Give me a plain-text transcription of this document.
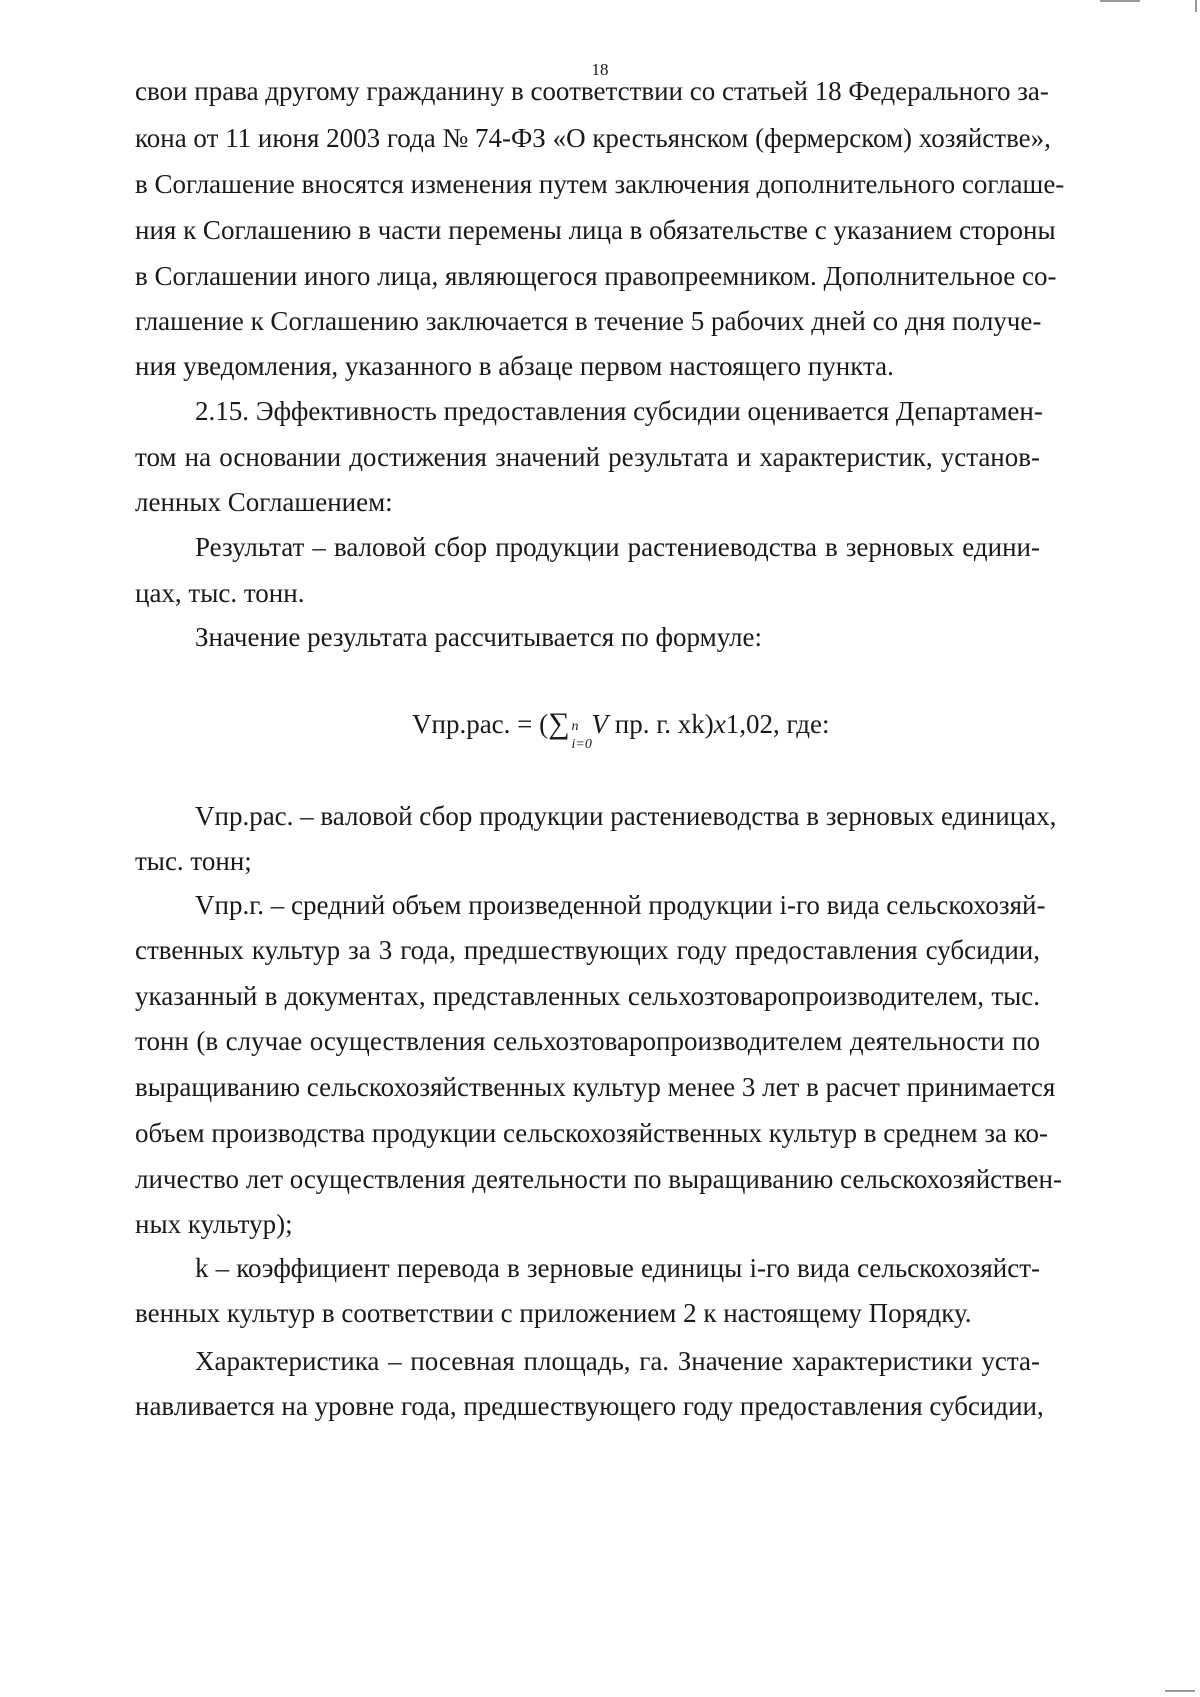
18
свои права другому гражданину в соответствии со статьей 18 Федерального за-
кона от 11 июня 2003 года № 74-ФЗ «О крестьянском (фермерском) хозяйстве»,
в Соглашение вносятся изменения путем заключения дополнительного соглаше-
ния к Соглашению в части перемены лица в обязательстве с указанием стороны
в Соглашении иного лица, являющегося правопреемником. Дополнительное со-
глашение к Соглашению заключается в течение 5 рабочих дней со дня получе-
ния уведомления, указанного в абзаце первом настоящего пункта.
2.15. Эффективность предоставления субсидии оценивается Департамен-
том на основании достижения значений результата и характеристик, установ-
ленных Соглашением:
Результат – валовой сбор продукции растениеводства в зерновых едини-
цах, тыс. тонн.
Значение результата рассчитывается по формуле:
Vпр.рас. = (∑ n
i=0
V пр. г. xk)x1,02, где:
Vпр.рас. – валовой сбор продукции растениеводства в зерновых единицах,
тыс. тонн;
Vпр.г. – средний объем произведенной продукции i-го вида сельскохозяй-
ственных культур за 3 года, предшествующих году предоставления субсидии,
указанный в документах, представленных сельхозтоваропроизводителем, тыс.
тонн (в случае осуществления сельхозтоваропроизводителем деятельности по
выращиванию сельскохозяйственных культур менее 3 лет в расчет принимается
объем производства продукции сельскохозяйственных культур в среднем за ко-
личество лет осуществления деятельности по выращиванию сельскохозяйствен-
ных культур);
k – коэффициент перевода в зерновые единицы i-го вида сельскохозяйст-
венных культур в соответствии с приложением 2 к настоящему Порядку.
Характеристика – посевная площадь, га. Значение характеристики уста-
навливается на уровне года, предшествующего году предоставления субсидии,
